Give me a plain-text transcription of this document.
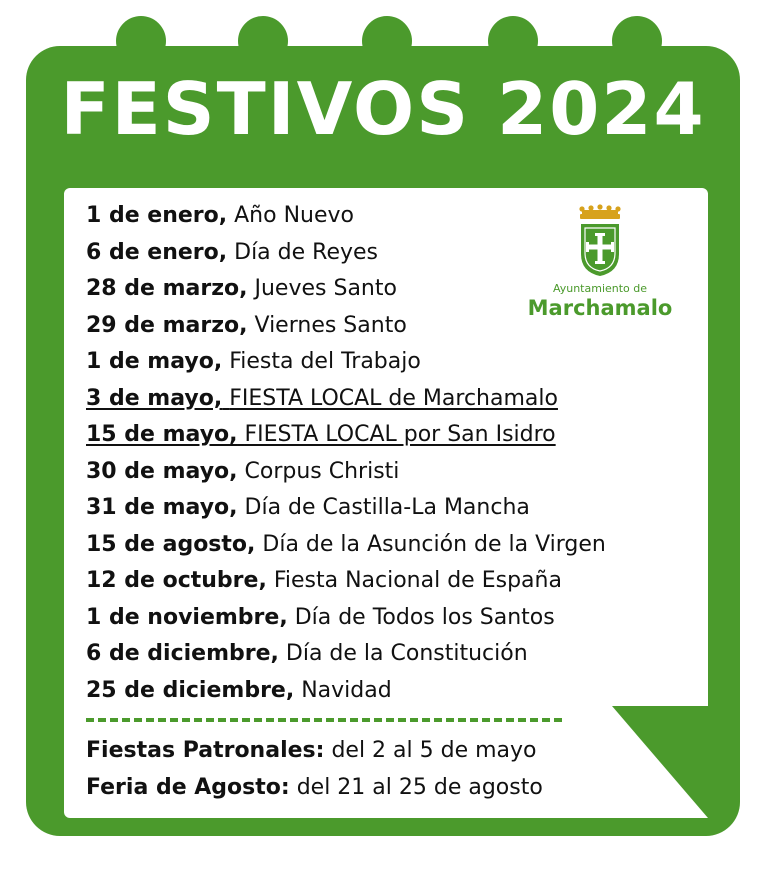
FESTIVOS 2024
Ayuntamiento de
Marchamalo
1 de enero, Año Nuevo
6 de enero, Día de Reyes
28 de marzo, Jueves Santo
29 de marzo, Viernes Santo
1 de mayo, Fiesta del Trabajo
3 de mayo, FIESTA LOCAL de Marchamalo
15 de mayo, FIESTA LOCAL por San Isidro
30 de mayo, Corpus Christi
31 de mayo, Día de Castilla-La Mancha
15 de agosto, Día de la Asunción de la Virgen
12 de octubre, Fiesta Nacional de España
1 de noviembre, Día de Todos los Santos
6 de diciembre, Día de la Constitución
25 de diciembre, Navidad
Fiestas Patronales: del 2 al 5 de mayo
Feria de Agosto: del 21 al 25 de agosto
